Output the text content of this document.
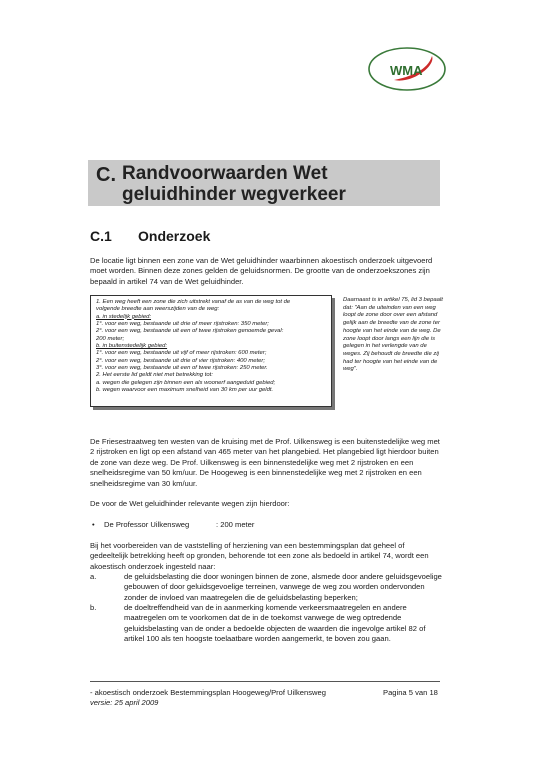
WMA
C. Randvoorwaarden Wet geluidhinder wegverkeer
C.1 Onderzoek
De locatie ligt binnen een zone van de Wet geluidhinder waarbinnen akoestisch onderzoek uitgevoerd moet worden. Binnen deze zones gelden de geluidsnormen. De grootte van de onderzoekszones zijn bepaald in artikel 74 van de Wet geluidhinder.
1. Een weg heeft een zone die zich uitstrekt vanaf de as van de weg tot de
volgende breedte aan weerszijden van de weg:
a. in stedelijk gebied:
1°. voor een weg, bestaande uit drie of meer rijstroken: 350 meter;
2°. voor een weg, bestaande uit een of twee rijstroken genoemde geval:
200 meter;
b. in buitenstedelijk gebied:
1°. voor een weg, bestaande uit vijf of meer rijstroken: 600 meter;
2°. voor een weg, bestaande uit drie of vier rijstroken: 400 meter;
3°. voor een weg, bestaande uit een of twee rijstroken: 250 meter.
2. Het eerste lid geldt niet met betrekking tot:
a. wegen die gelegen zijn binnen een als woonerf aangeduid gebied;
b. wegen waarvoor een maximum snelheid van 30 km per uur geldt.
Daarnaast is in artikel 75, lid 3 bepaalt dat: "Aan de uiteinden van een weg loopt de zone door over een afstand gelijk aan de breedte van de zone ter hoogte van het einde van de weg. De zone loopt door langs een lijn die is gelegen in het verlengde van de weges. Zij behoudt de breedte die zij had ter hoogte van het einde van de weg".
De Friesestraatweg ten westen van de kruising met de Prof. Uilkensweg is een buitenstedelijke weg met 2 rijstroken en ligt op een afstand van 465 meter van het plangebied. Het plangebied ligt hierdoor buiten de zone van deze weg. De Prof. Uilkensweg is een binnenstedelijke weg met 2 rijstroken en een snelheidsregime van 50 km/uur. De Hoogeweg is een binnenstedelijke weg met 2 rijstroken en een snelheidsregime van 30 km/uur.
De voor de Wet geluidhinder relevante wegen zijn hierdoor:
• De Professor Uilkensweg	: 200 meter
Bij het voorbereiden van de vaststelling of herziening van een bestemmingsplan dat geheel of gedeeltelijk betrekking heeft op gronden, behorende tot een zone als bedoeld in artikel 74, wordt een akoestisch onderzoek ingesteld naar:
a.	de geluidsbelasting die door woningen binnen de zone, alsmede door andere geluidsgevoelige gebouwen of door geluidsgevoelige terreinen, vanwege de weg zou worden ondervonden zonder de invloed van maatregelen die de geluidsbelasting beperken;
b.	de doeltreffendheid van de in aanmerking komende verkeersmaatregelen en andere maatregelen om te voorkomen dat de in de toekomst vanwege de weg optredende geluidsbelasting van de onder a bedoelde objecten de waarden die ingevolge artikel 82 of artikel 100 als ten hoogste toelaatbare worden aangemerkt, te boven zou gaan.
- akoestisch onderzoek Bestemmingsplan Hoogeweg/Prof Uilkensweg
versie: 25 april 2009
Pagina 5 van 18
